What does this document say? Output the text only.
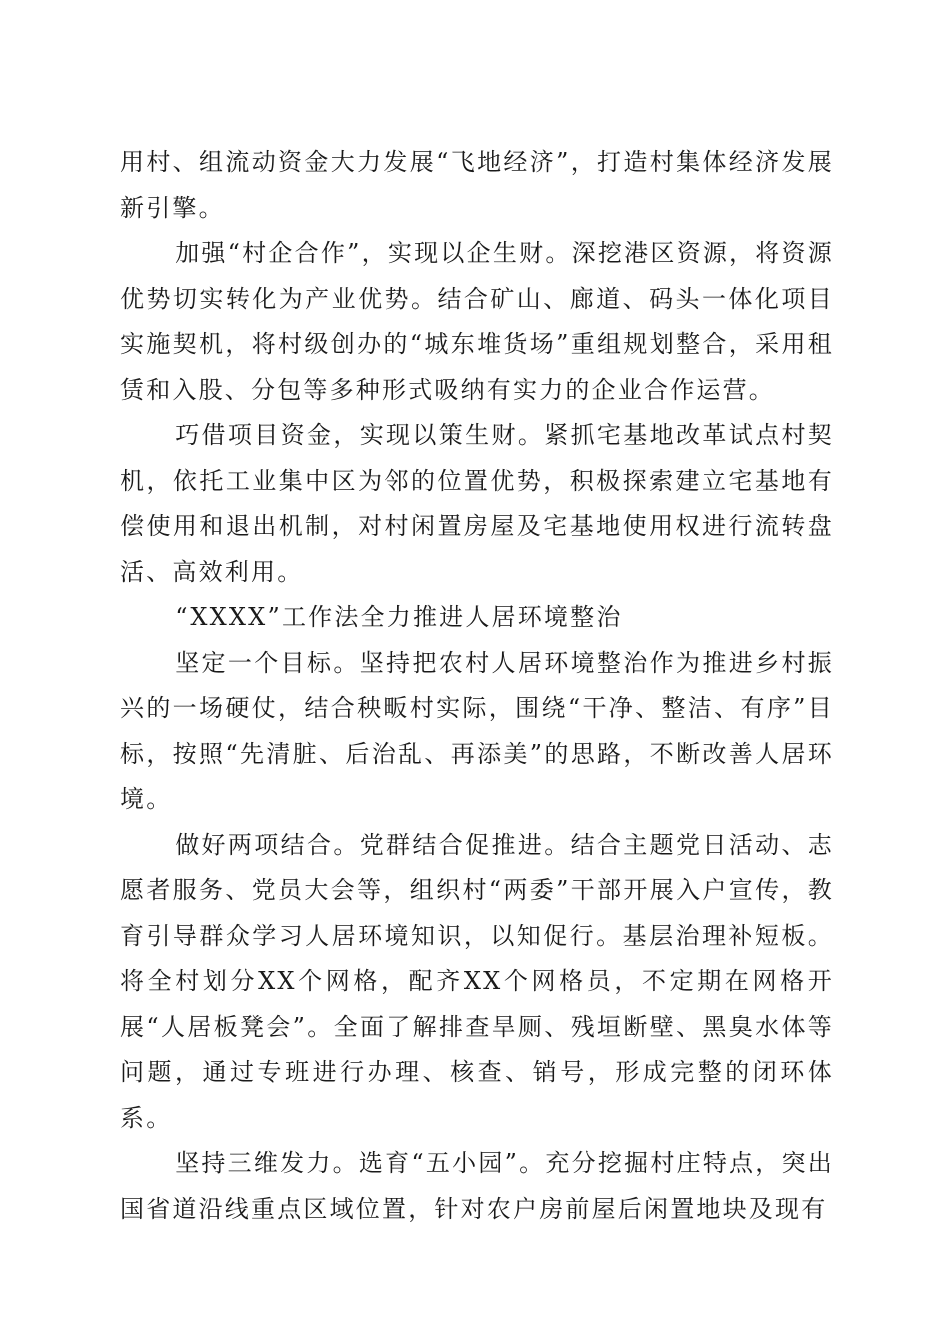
用村、组流动资金大力发展“飞地经济”，打造村集体经济发展新引擎。

加强“村企合作”，实现以企生财。深挖港区资源，将资源优势切实转化为产业优势。结合矿山、廊道、码头一体化项目实施契机，将村级创办的“城东堆货场”重组规划整合，采用租赁和入股、分包等多种形式吸纳有实力的企业合作运营。

巧借项目资金，实现以策生财。紧抓宅基地改革试点村契机，依托工业集中区为邻的位置优势，积极探索建立宅基地有偿使用和退出机制，对村闲置房屋及宅基地使用权进行流转盘活、高效利用。

“XXXX”工作法全力推进人居环境整治

坚定一个目标。坚持把农村人居环境整治作为推进乡村振兴的一场硬仗，结合秧畈村实际，围绕“干净、整洁、有序”目标，按照“先清脏、后治乱、再添美”的思路，不断改善人居环境。

做好两项结合。党群结合促推进。结合主题党日活动、志愿者服务、党员大会等，组织村“两委”干部开展入户宣传，教育引导群众学习人居环境知识，以知促行。基层治理补短板。将全村划分XX个网格，配齐XX个网格员，不定期在网格开展“人居板凳会”。全面了解排查旱厕、残垣断壁、黑臭水体等问题，通过专班进行办理、核查、销号，形成完整的闭环体系。

坚持三维发力。选育“五小园”。充分挖掘村庄特点，突出国省道沿线重点区域位置，针对农户房前屋后闲置地块及现有
